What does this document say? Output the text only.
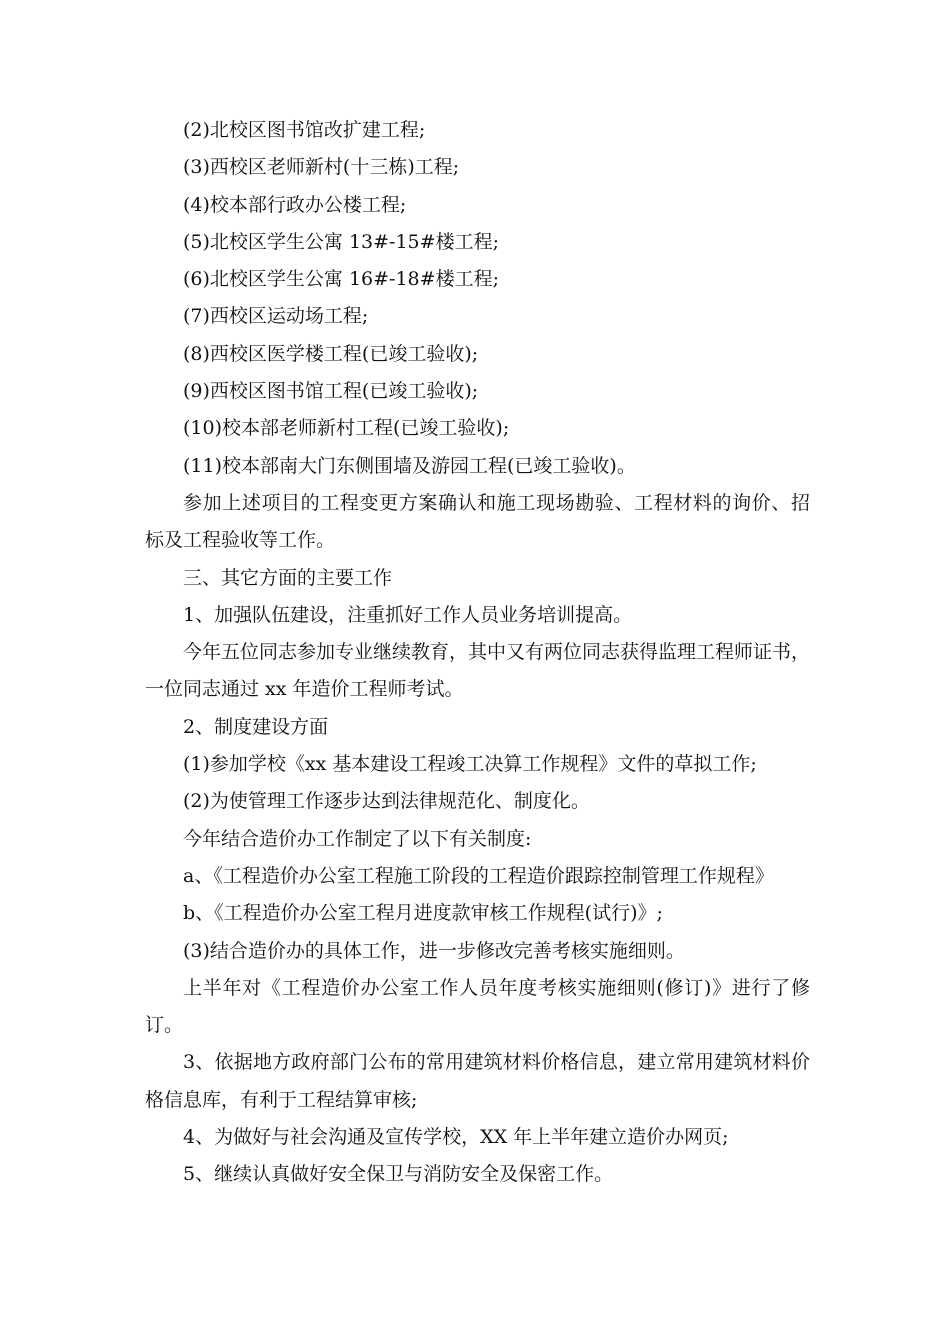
(2)北校区图书馆改扩建工程;
(3)西校区老师新村(十三栋)工程;
(4)校本部行政办公楼工程;
(5)北校区学生公寓 13#-15#楼工程;
(6)北校区学生公寓 16#-18#楼工程;
(7)西校区运动场工程;
(8)西校区医学楼工程(已竣工验收);
(9)西校区图书馆工程(已竣工验收);
(10)校本部老师新村工程(已竣工验收);
(11)校本部南大门东侧围墙及游园工程(已竣工验收)。
参加上述项目的工程变更方案确认和施工现场勘验、工程材料的询价、招
标及工程验收等工作。
三、其它方面的主要工作
1、加强队伍建设，注重抓好工作人员业务培训提高。
今年五位同志参加专业继续教育，其中又有两位同志获得监理工程师证书，
一位同志通过 xx 年造价工程师考试。
2、制度建设方面
(1)参加学校《xx 基本建设工程竣工决算工作规程》文件的草拟工作;
(2)为使管理工作逐步达到法律规范化、制度化。
今年结合造价办工作制定了以下有关制度:
a、《工程造价办公室工程施工阶段的工程造价跟踪控制管理工作规程》
b、《工程造价办公室工程月进度款审核工作规程(试行)》;
(3)结合造价办的具体工作，进一步修改完善考核实施细则。
上半年对《工程造价办公室工作人员年度考核实施细则(修订)》进行了修
订。
3、依据地方政府部门公布的常用建筑材料价格信息，建立常用建筑材料价
格信息库，有利于工程结算审核;
4、为做好与社会沟通及宣传学校，XX 年上半年建立造价办网页;
5、继续认真做好安全保卫与消防安全及保密工作。
